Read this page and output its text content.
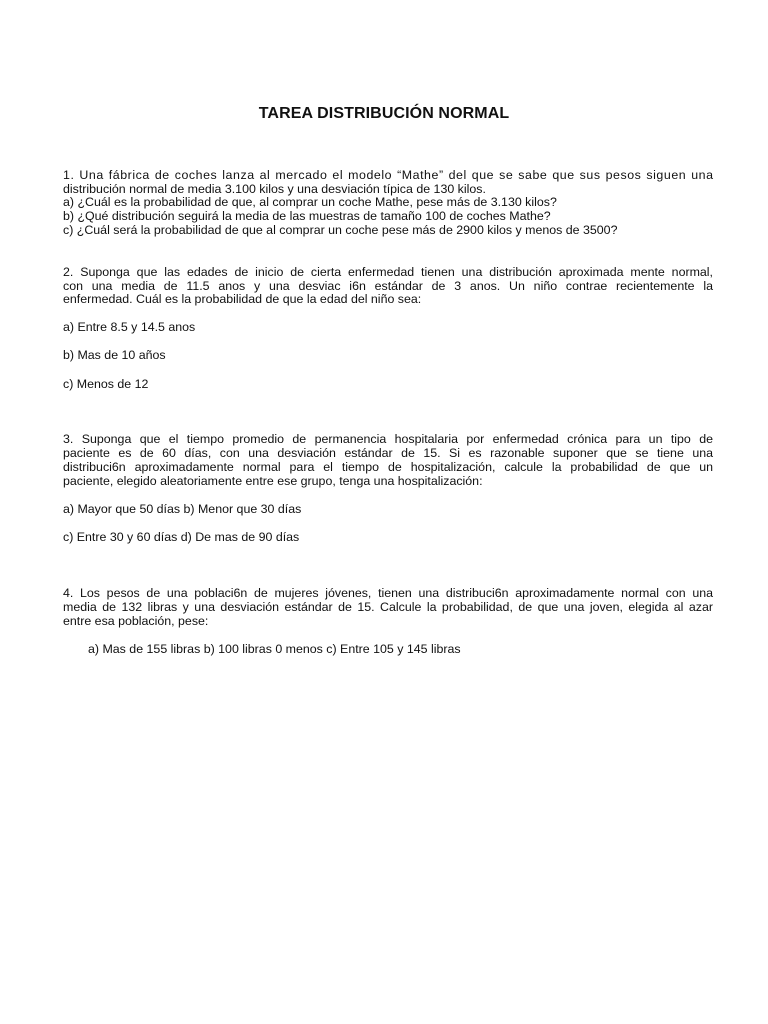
TAREA DISTRIBUCIÓN NORMAL
1. Una fábrica de coches lanza al mercado el modelo “Mathe” del que se sabe que sus pesos siguen una
distribución normal de media 3.100 kilos y una desviación típica de 130 kilos.
a) ¿Cuál es la probabilidad de que, al comprar un coche Mathe, pese más de 3.130 kilos?
b) ¿Qué distribución seguirá la media de las muestras de tamaño 100 de coches Mathe?
c) ¿Cuál será la probabilidad de que al comprar un coche pese más de 2900 kilos y menos de 3500?
2. Suponga que las edades de inicio de cierta enfermedad tienen una distribución aproximada mente normal,
con una media de 11.5 anos y una desviac i6n estándar de 3 anos. Un niño contrae recientemente la
enfermedad. Cuál es la probabilidad de que la edad del niño sea:
a) Entre 8.5 y 14.5 anos
b) Mas de 10 años
c) Menos de 12
3. Suponga que el tiempo promedio de permanencia hospitalaria por enfermedad crónica para un tipo de
paciente es de 60 días, con una desviación estándar de 15. Si es razonable suponer que se tiene una
distribuci6n aproximadamente normal para el tiempo de hospitalización, calcule la probabilidad de que un
paciente, elegido aleatoriamente entre ese grupo, tenga una hospitalización:
a) Mayor que 50 días b) Menor que 30 días
c) Entre 30 y 60 días d) De mas de 90 días
4. Los pesos de una poblaci6n de mujeres jóvenes, tienen una distribuci6n aproximadamente normal con una
media de 132 libras y una desviación estándar de 15. Calcule la probabilidad, de que una joven, elegida al azar
entre esa población, pese:
a) Mas de 155 libras b) 100 libras 0 menos c) Entre 105 y 145 libras
